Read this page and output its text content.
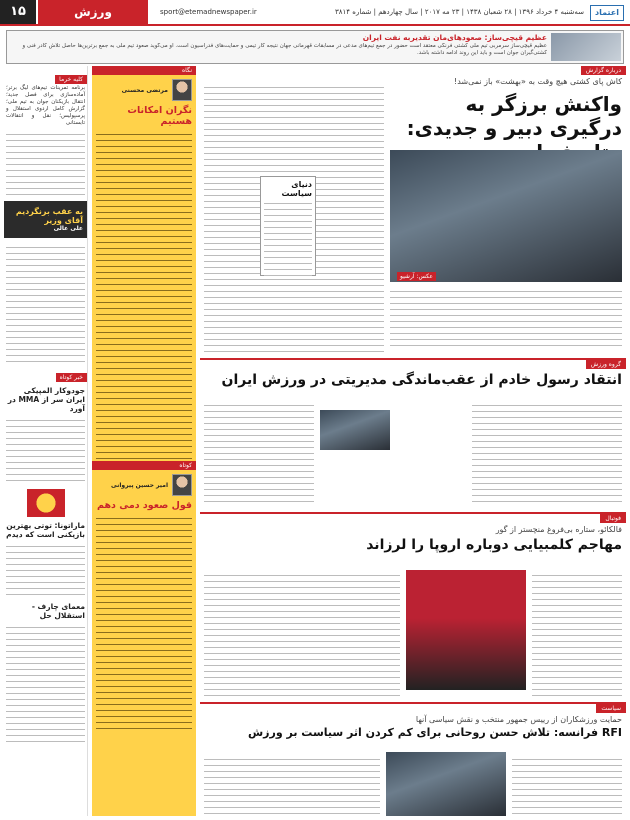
اعتماد
سه‌شنبه ۴ خرداد ۱۳۹۶ | ۲۸ شعبان ۱۴۳۸ | ۲۳ مه ۲۰۱۷ | سال چهاردهم | شماره ۳۸۱۴
sport@etemadnewspaper.ir
ورزش
۱۵
عظیم قیچی‌ساز: صعودهای‌مان تقدیربه نفت ایران
عظیم قیچی‌ساز سرمربی تیم ملی کشتی فرنگی معتقد است حضور در جمع تیم‌های مدعی در مسابقات قهرمانی جهان نتیجه کار تیمی و حمایت‌های فدراسیون است. او می‌گوید صعود تیم ملی به جمع برترین‌ها حاصل تلاش کادر فنی و کشتی‌گیران جوان است و باید این روند ادامه داشته باشد.
کلیه خرما

برنامه تمرینات تیم‌های لیگ برتر؛ آماده‌سازی برای فصل جدید؛ انتقال بازیکنان جوان به تیم ملی؛ گزارش کامل اردوی استقلال و پرسپولیس؛ نقل و انتقالات تابستانی

به عقب برنگردیم آقای وزیر
علی عالی
خبر کوتاه
جودوکار المپیکی ایران سر از MMA در آورد
ماراتونا: توتی بهترین بازیکنی است که دیدم
معمای چارف - استقلال حل
نگاه
مرتضی محسنی
نگران امکانات هستیم
کوتاه
امیر حسین پیروانی
قول صعود دمی دهم
درباره گزارش
کاش پای کشتی هیچ وقت به «بهشت» باز نمی‌شد!
واکنش برزگر به درگیری دبیر و جدیدی:
عکس: آرشیو
دنیای سیاست
گروه ورزش
انتقاد رسول خادم از عقب‌ماندگی مدیریتی در ورزش ایران
فوتبال
فالکائو، ستاره بی‌فروغ منچستر از گور
مهاجم کلمبیایی دوباره اروپا را لرزاند
سیاست
حمایت ورزشکاران از رییس جمهور منتخب و نقش سیاسی آنها
RFI فرانسه: تلاش حسن روحانی برای کم کردن اثر سیاست بر ورزش
